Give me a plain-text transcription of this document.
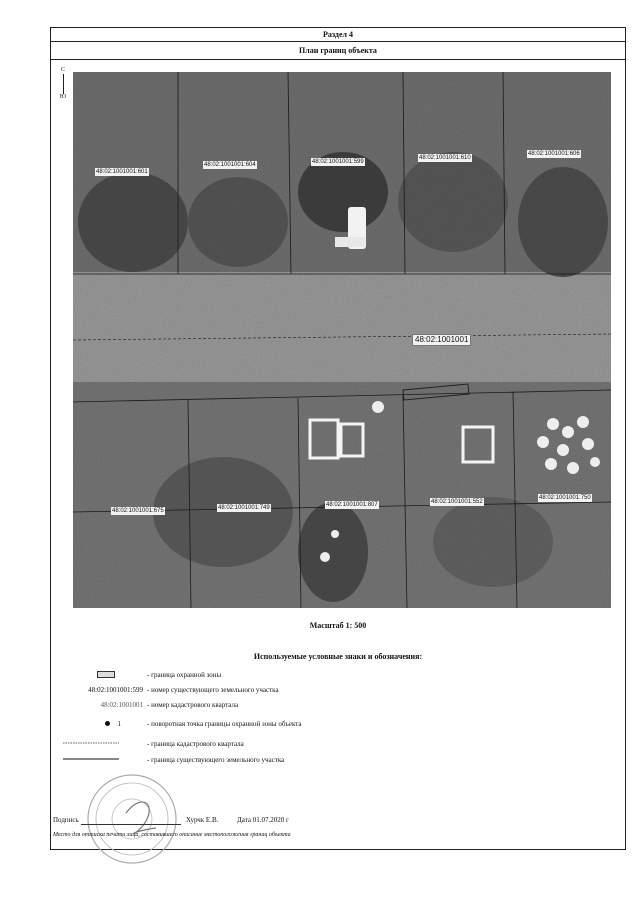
Раздел 4
План границ объекта
С
Ю
48:02:1001001:601
48:02:1001001:604	48:02:1001001:599
48:02:1001001:610
48:02:1001001:606
48:02:1001001
48:02:1001001:675	48:02:1001001:749	48:02:1001001:807	48:02:1001001:552
48:02:1001001:750
Масштаб 1: 500
Используемые условные знаки и обозначения:
- граница охранной зоны
48:02:1001001:599 - номер существующего земельного участка
48:02:1001001 - номер кадастрового квартала
1	- поворотная точка границы охранной зоны объекта
- граница кадастрового квартала
- граница существующего земельного участка
Подпись	Хурчк Е.В.	Дата 01.07.2020 г
Место для оттиска печати лица, составившего описание местоположения границ объекта
